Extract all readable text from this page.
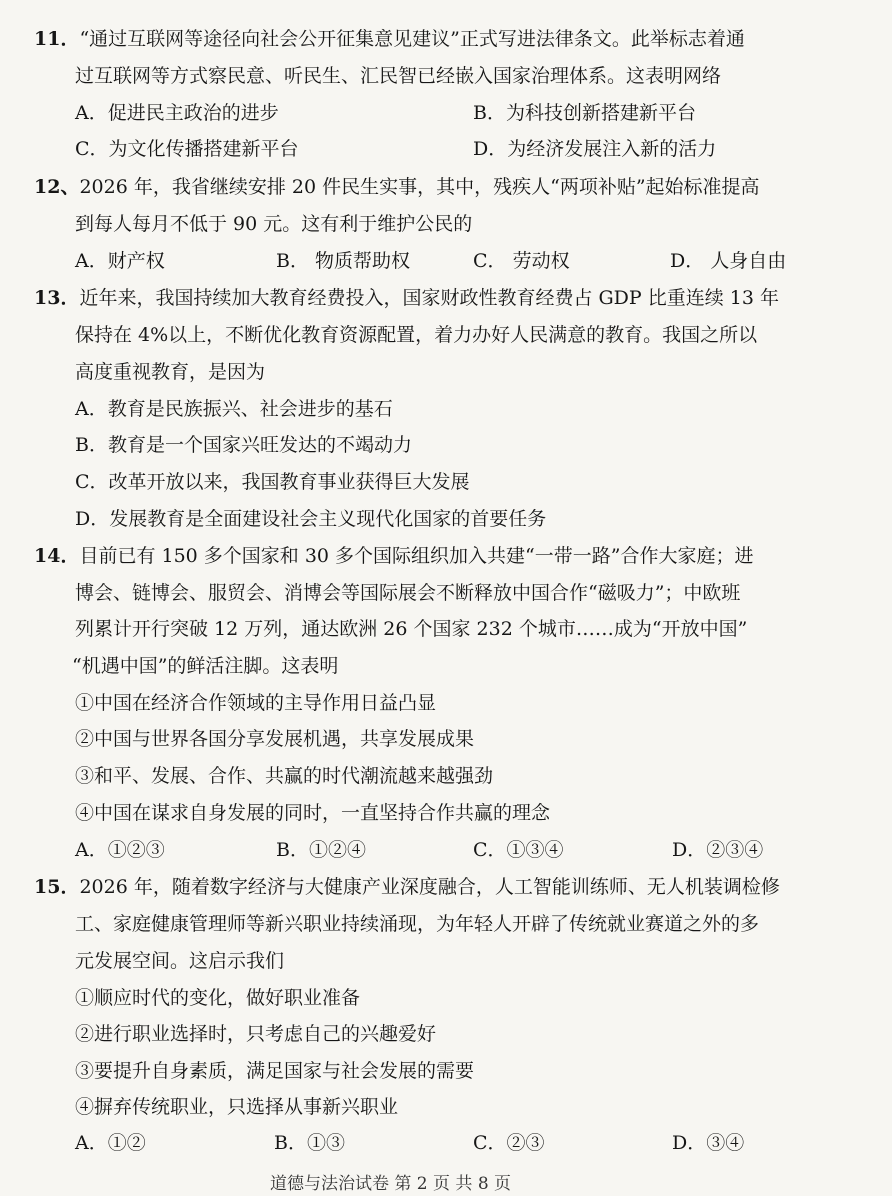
11．“通过互联网等途径向社会公开征集意见建议”正式写进法律条文。此举标志着通
过互联网等方式察民意、听民生、汇民智已经嵌入国家治理体系。这表明网络
A．促进民主政治的进步	B．为科技创新搭建新平台
C．为文化传播搭建新平台	D．为经济发展注入新的活力
12、2026 年，我省继续安排 20 件民生实事，其中，残疾人“两项补贴”起始标准提高
到每人每月不低于 90 元。这有利于维护公民的
A．财产权	B． 物质帮助权	C． 劳动权	D． 人身自由
13．近年来，我国持续加大教育经费投入，国家财政性教育经费占 GDP 比重连续 13 年
保持在 4%以上，不断优化教育资源配置，着力办好人民满意的教育。我国之所以
高度重视教育，是因为
A．教育是民族振兴、社会进步的基石
B．教育是一个国家兴旺发达的不竭动力
C．改革开放以来，我国教育事业获得巨大发展
D．发展教育是全面建设社会主义现代化国家的首要任务
14．目前已有 150 多个国家和 30 多个国际组织加入共建“一带一路”合作大家庭；进
博会、链博会、服贸会、消博会等国际展会不断释放中国合作“磁吸力”；中欧班
列累计开行突破 12 万列，通达欧洲 26 个国家 232 个城市……成为“开放中国”
“机遇中国”的鲜活注脚。这表明
①中国在经济合作领域的主导作用日益凸显
②中国与世界各国分享发展机遇，共享发展成果
③和平、发展、合作、共赢的时代潮流越来越强劲
④中国在谋求自身发展的同时，一直坚持合作共赢的理念
A．①②③	B．①②④	C．①③④	D．②③④
15．2026 年，随着数字经济与大健康产业深度融合，人工智能训练师、无人机装调检修
工、家庭健康管理师等新兴职业持续涌现，为年轻人开辟了传统就业赛道之外的多
元发展空间。这启示我们
①顺应时代的变化，做好职业准备
②进行职业选择时，只考虑自己的兴趣爱好
③要提升自身素质，满足国家与社会发展的需要
④摒弃传统职业，只选择从事新兴职业
A．①②	B．①③	C．②③	D．③④
道德与法治试卷 第 2 页 共 8 页
